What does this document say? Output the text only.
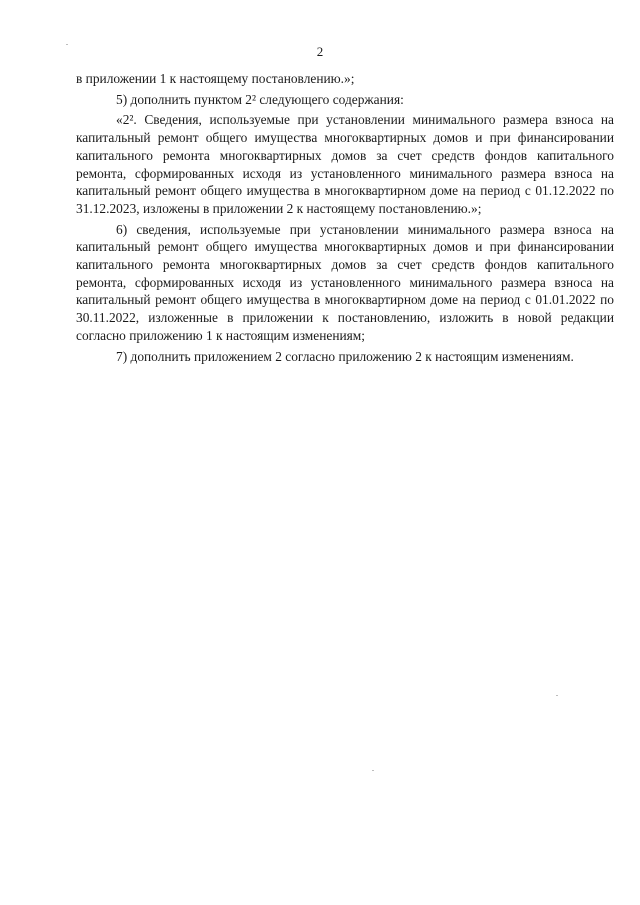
2

в приложении 1 к настоящему постановлению.»;

5) дополнить пунктом 2² следующего содержания:

«2². Сведения, используемые при установлении минимального размера взноса на капитальный ремонт общего имущества многоквартирных домов и при финансировании капитального ремонта многоквартирных домов за счет средств фондов капитального ремонта, сформированных исходя из установленного минимального размера взноса на капитальный ремонт общего имущества в многоквартирном доме на период с 01.12.2022 по 31.12.2023, изложены в приложении 2 к настоящему постановлению.»;

6) сведения, используемые при установлении минимального размера взноса на капитальный ремонт общего имущества многоквартирных домов и при финансировании капитального ремонта многоквартирных домов за счет средств фондов капитального ремонта, сформированных исходя из установленного минимального размера взноса на капитальный ремонт общего имущества в многоквартирном доме на период с 01.01.2022 по 30.11.2022, изложенные в приложении к постановлению, изложить в новой редакции согласно приложению 1 к настоящим изменениям;

7) дополнить приложением 2 согласно приложению 2 к настоящим изменениям.
